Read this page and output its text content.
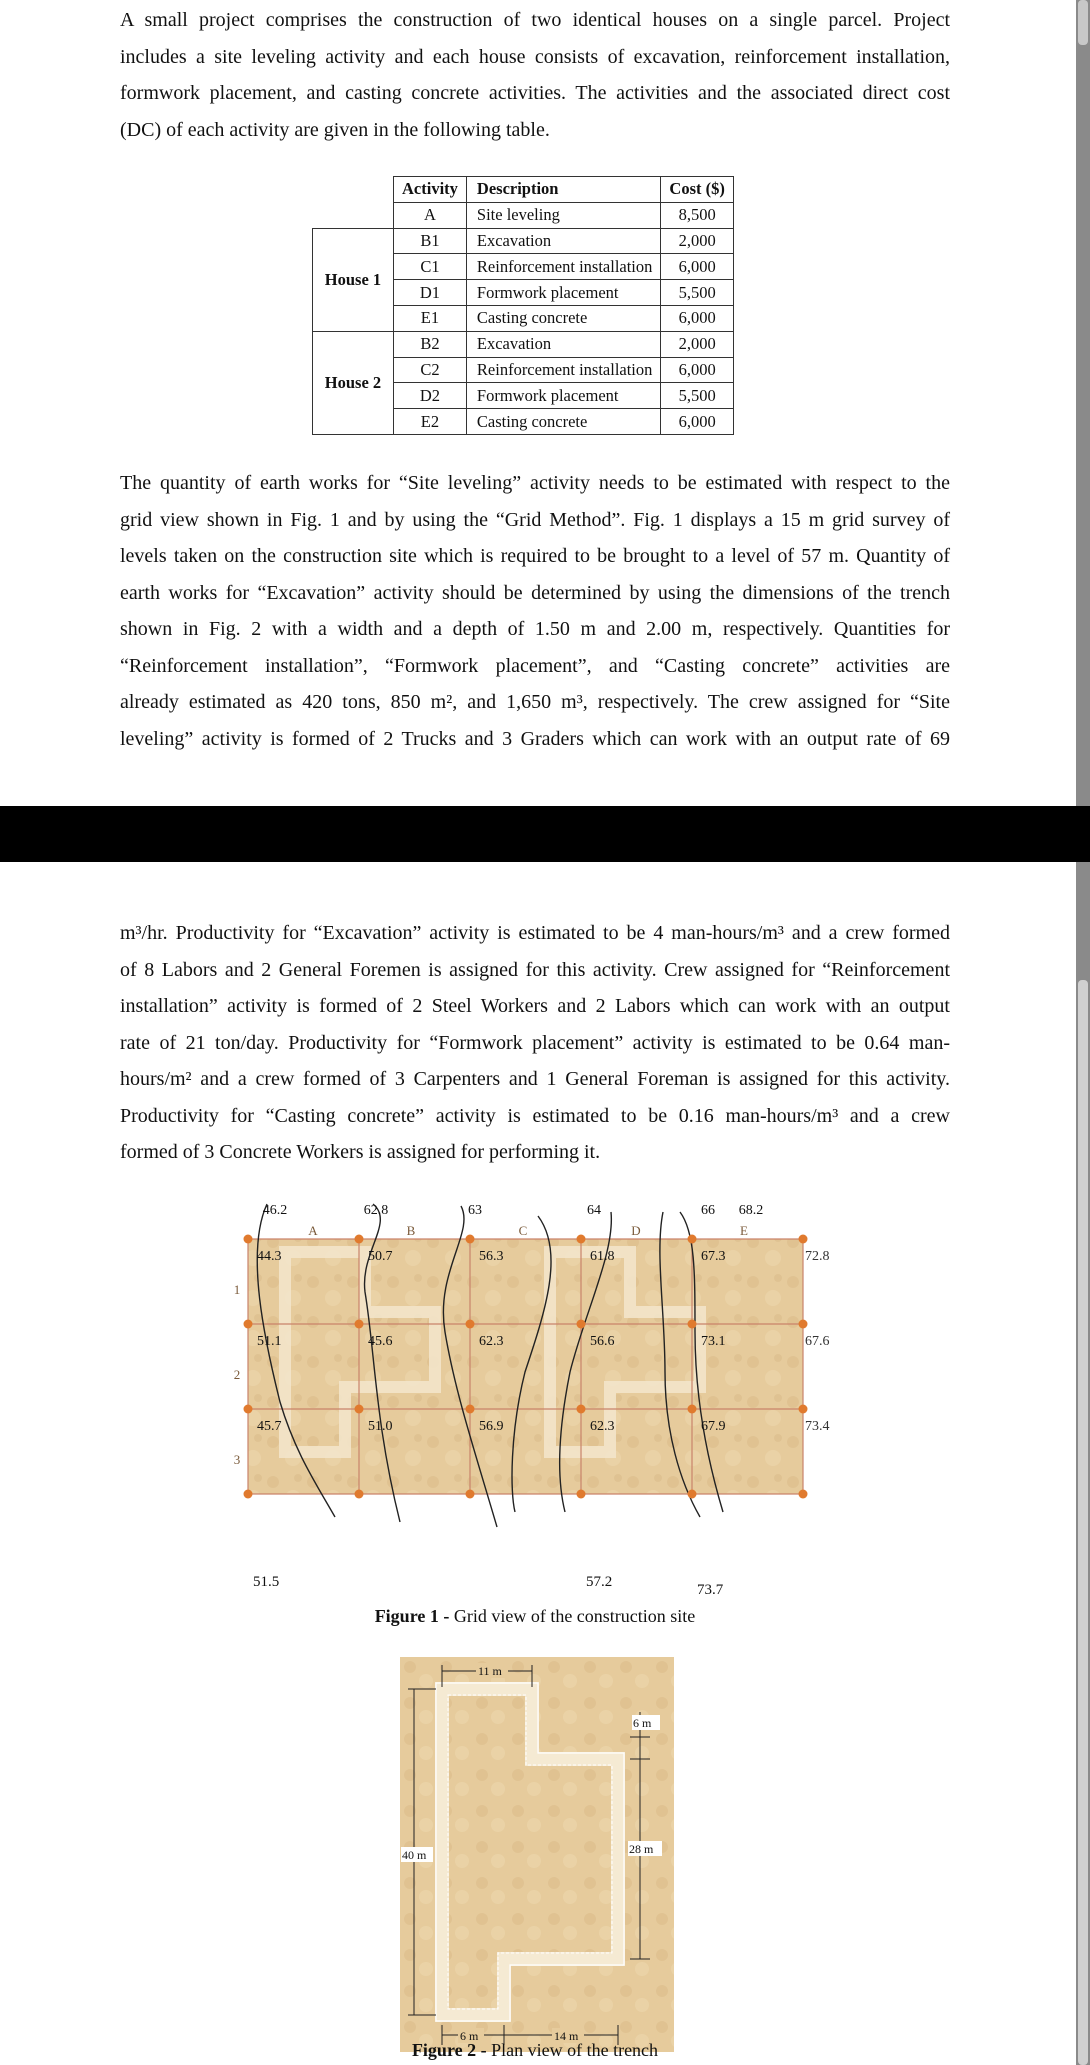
A small project comprises the construction of two identical houses on a single parcel. Project
includes a site leveling activity and each house consists of excavation, reinforcement installation,
formwork placement, and casting concrete activities. The activities and the associated direct cost
(DC) of each activity are given in the following table.

	Activity	Description	Cost ($)
	A	Site leveling	8,500
House 1	B1	Excavation	2,000
	C1	Reinforcement installation	6,000
	D1	Formwork placement	5,500
	E1	Casting concrete	6,000
House 2	B2	Excavation	2,000
	C2	Reinforcement installation	6,000
	D2	Formwork placement	5,500
	E2	Casting concrete	6,000

The quantity of earth works for “Site leveling” activity needs to be estimated with respect to the
grid view shown in Fig. 1 and by using the “Grid Method”. Fig. 1 displays a 15 m grid survey of
levels taken on the construction site which is required to be brought to a level of 57 m. Quantity of
earth works for “Excavation” activity should be determined by using the dimensions of the trench
shown in Fig. 2 with a width and a depth of 1.50 m and 2.00 m, respectively. Quantities for
“Reinforcement installation”, “Formwork placement”, and “Casting concrete” activities are
already estimated as 420 tons, 850 m², and 1,650 m³, respectively. The crew assigned for “Site
leveling” activity is formed of 2 Trucks and 3 Graders which can work with an output rate of 69

m³/hr. Productivity for “Excavation” activity is estimated to be 4 man-hours/m³ and a crew formed
of 8 Labors and 2 General Foremen is assigned for this activity. Crew assigned for “Reinforcement
installation” activity is formed of 2 Steel Workers and 2 Labors which can work with an output
rate of 21 ton/day. Productivity for “Formwork placement” activity is estimated to be 0.64 man-
hours/m² and a crew formed of 3 Carpenters and 1 General Foreman is assigned for this activity.
Productivity for “Casting concrete” activity is estimated to be 0.16 man-hours/m³ and a crew
formed of 3 Concrete Workers is assigned for performing it.

A	B	C	D	E
1
2
3
46.2	62.8	63	64	66 68.2
44.3	50.7	56.3	61.8	67.3	72.8
51.1	45.6	62.3	56.6	73.1	67.6
45.7	51.0	56.9	62.3	67.9	73.4
51.5	57.2	73.7
Figure 1 - Grid view of the construction site
11 m
6 m
40 m	28 m
6 m	14 m
Figure 2 - Plan view of the trench
